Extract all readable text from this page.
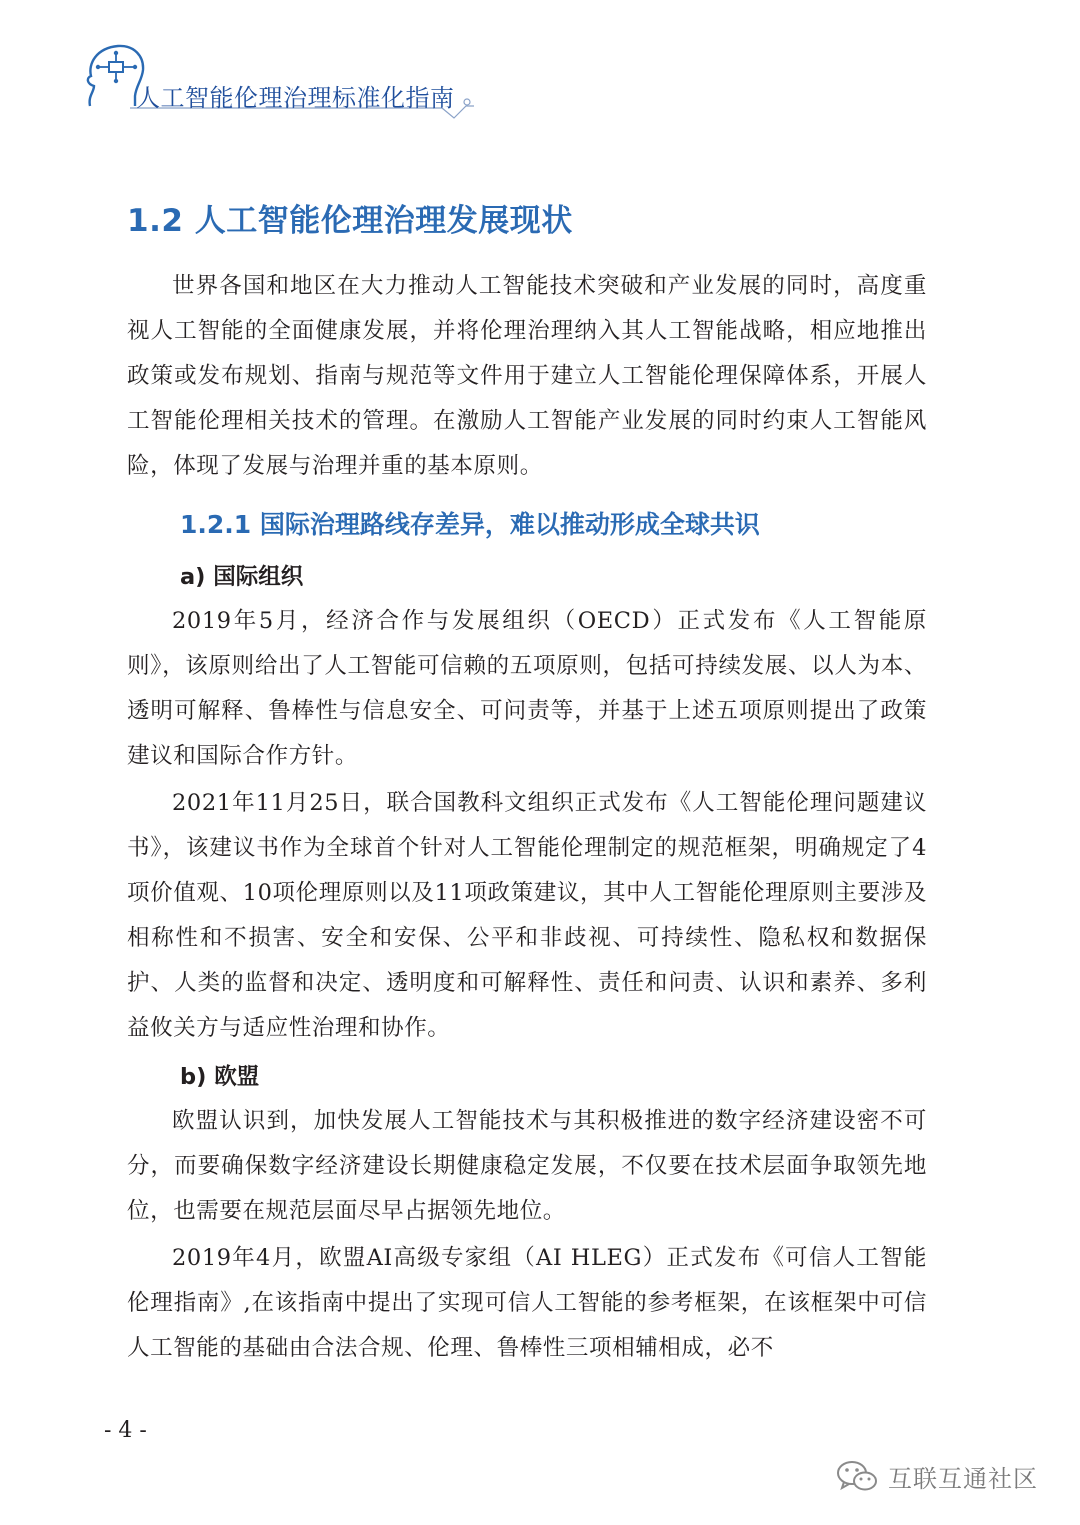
人工智能伦理治理标准化指南
1.2 人工智能伦理治理发展现状

世界各国和地区在大力推动人工智能技术突破和产业发展的同时，高度重视人工智能的全面健康发展，并将伦理治理纳入其人工智能战略，相应地推出政策或发布规划、指南与规范等文件用于建立人工智能伦理保障体系，开展人工智能伦理相关技术的管理。在激励人工智能产业发展的同时约束人工智能风险，体现了发展与治理并重的基本原则。

1.2.1 国际治理路线存差异，难以推动形成全球共识
a) 国际组织

2019年5月，经济合作与发展组织（OECD）正式发布《人工智能原则》，该原则给出了人工智能可信赖的五项原则，包括可持续发展、以人为本、透明可解释、鲁棒性与信息安全、可问责等，并基于上述五项原则提出了政策建议和国际合作方针。

2021年11月25日，联合国教科文组织正式发布《人工智能伦理问题建议书》，该建议书作为全球首个针对人工智能伦理制定的规范框架，明确规定了4项价值观、10项伦理原则以及11项政策建议，其中人工智能伦理原则主要涉及相称性和不损害、安全和安保、公平和非歧视、可持续性、隐私权和数据保护、人类的监督和决定、透明度和可解释性、责任和问责、认识和素养、多利益攸关方与适应性治理和协作。

b) 欧盟

欧盟认识到，加快发展人工智能技术与其积极推进的数字经济建设密不可分，而要确保数字经济建设长期健康稳定发展，不仅要在技术层面争取领先地位，也需要在规范层面尽早占据领先地位。

2019年4月，欧盟AI高级专家组（AI HLEG）正式发布《可信人工智能伦理指南》,在该指南中提出了实现可信人工智能的参考框架，在该框架中可信人工智能的基础由合法合规、伦理、鲁棒性三项相辅相成，必不

- 4 -
互联互通社区
